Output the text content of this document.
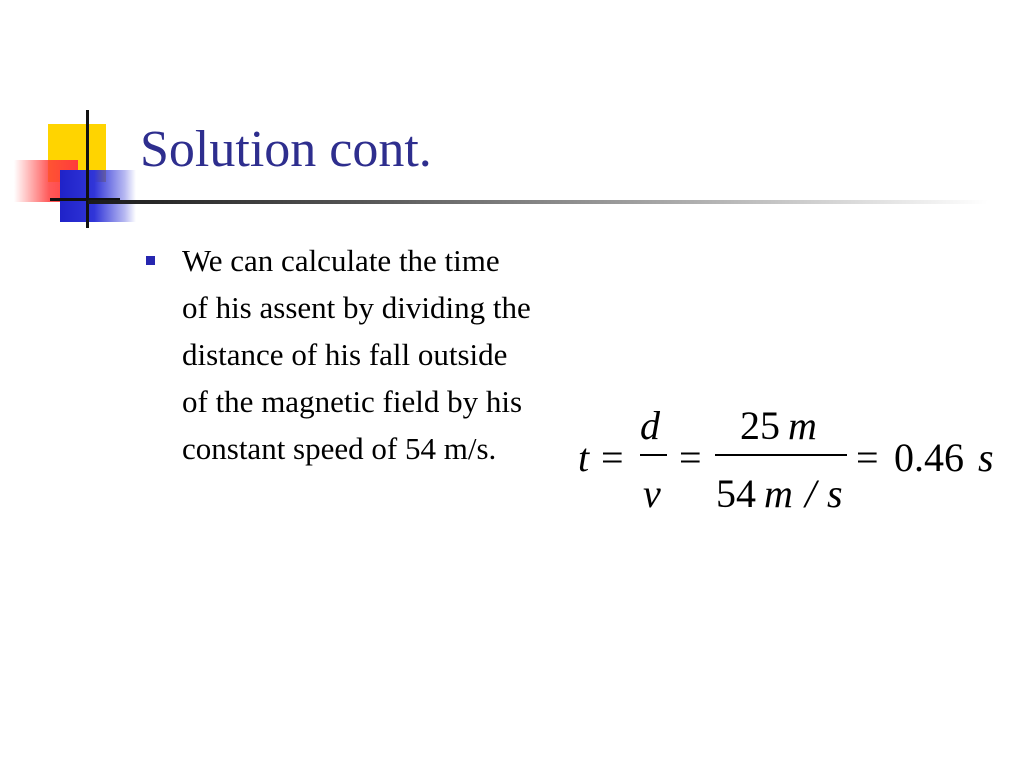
Solution cont.
We can calculate the time of his assent by dividing the distance of his fall outside of the magnetic field by his constant speed of 54 m/s.	t =
d
v
=
25 m
54 m / s
= 0.46 s
